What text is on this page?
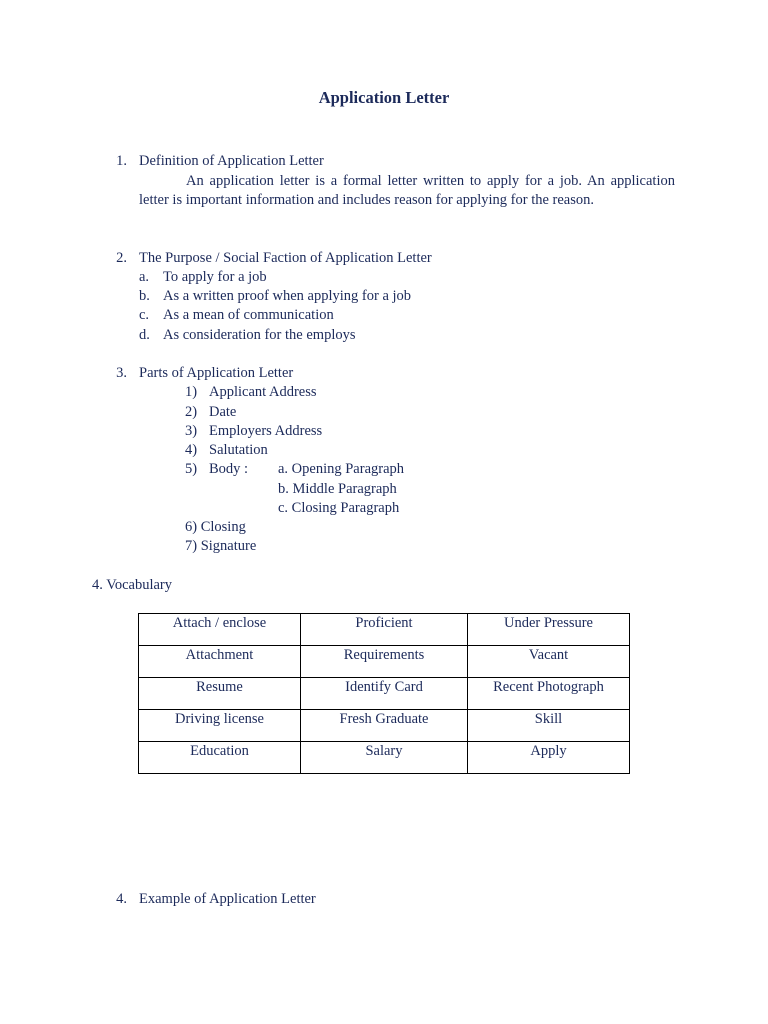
Application Letter
1. Definition of Application Letter
An application letter is a formal letter written to apply for a job. An application letter is important information and includes reason for applying for the reason.
2. The Purpose / Social Faction of Application Letter
a. To apply for a job
b. As a written proof when applying for a job
c. As a mean of communication
d. As consideration for the employs
3. Parts of Application Letter
1) Applicant Address
2) Date
3) Employers Address
4) Salutation
5) Body : a. Opening Paragraph
b. Middle Paragraph
c. Closing Paragraph
6) Closing
7) Signature
4. Vocabulary
Attach / enclose	Proficient	Under Pressure
Attachment	Requirements	Vacant
Resume	Identify Card	Recent Photograph
Driving license	Fresh Graduate	Skill
Education	Salary	Apply
4. Example of Application Letter
